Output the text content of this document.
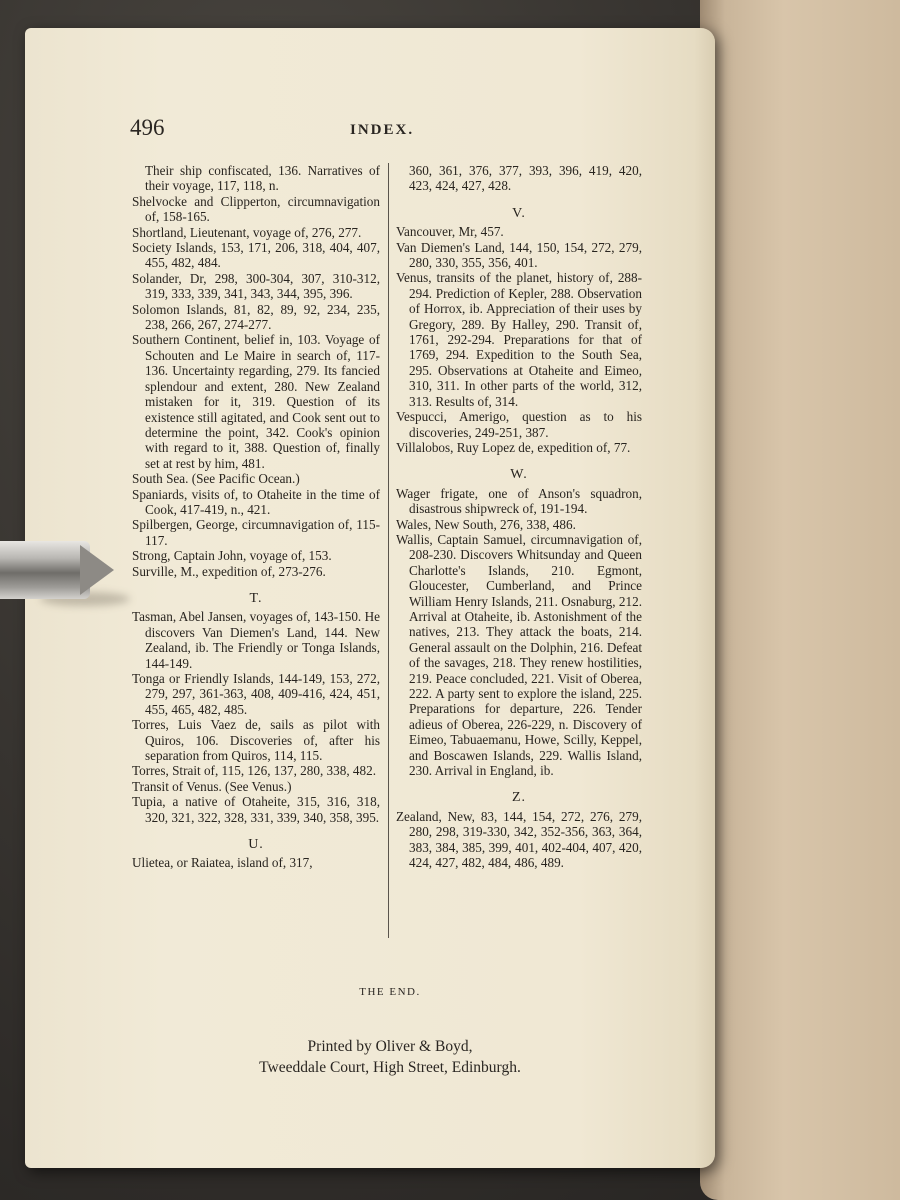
496	INDEX.
Their ship confiscated, 136. Narratives of their voyage, 117, 118, n.
Shelvocke and Clipperton, circumnavigation of, 158-165.
Shortland, Lieutenant, voyage of, 276, 277.
Society Islands, 153, 171, 206, 318, 404, 407, 455, 482, 484.
Solander, Dr, 298, 300-304, 307, 310-312, 319, 333, 339, 341, 343, 344, 395, 396.
Solomon Islands, 81, 82, 89, 92, 234, 235, 238, 266, 267, 274-277.
Southern Continent, belief in, 103. Voyage of Schouten and Le Maire in search of, 117-136. Uncertainty regarding, 279. Its fancied splendour and extent, 280. New Zealand mistaken for it, 319. Question of its existence still agitated, and Cook sent out to determine the point, 342. Cook's opinion with regard to it, 388. Question of, finally set at rest by him, 481.
South Sea. (See Pacific Ocean.)
Spaniards, visits of, to Otaheite in the time of Cook, 417-419, n., 421.
Spilbergen, George, circumnavigation of, 115-117.
Strong, Captain John, voyage of, 153.
Surville, M., expedition of, 273-276.
T.
Tasman, Abel Jansen, voyages of, 143-150. He discovers Van Diemen's Land, 144. New Zealand, ib. The Friendly or Tonga Islands, 144-149.
Tonga or Friendly Islands, 144-149, 153, 272, 279, 297, 361-363, 408, 409-416, 424, 451, 455, 465, 482, 485.
Torres, Luis Vaez de, sails as pilot with Quiros, 106. Discoveries of, after his separation from Quiros, 114, 115.
Torres, Strait of, 115, 126, 137, 280, 338, 482.
Transit of Venus. (See Venus.)
Tupia, a native of Otaheite, 315, 316, 318, 320, 321, 322, 328, 331, 339, 340, 358, 395.
U.
Ulietea, or Raiatea, island of, 317,
360, 361, 376, 377, 393, 396, 419, 420, 423, 424, 427, 428.
V.
Vancouver, Mr, 457.
Van Diemen's Land, 144, 150, 154, 272, 279, 280, 330, 355, 356, 401.
Venus, transits of the planet, history of, 288-294. Prediction of Kepler, 288. Observation of Horrox, ib. Appreciation of their uses by Gregory, 289. By Halley, 290. Transit of, 1761, 292-294. Preparations for that of 1769, 294. Expedition to the South Sea, 295. Observations at Otaheite and Eimeo, 310, 311. In other parts of the world, 312, 313. Results of, 314.
Vespucci, Amerigo, question as to his discoveries, 249-251, 387.
Villalobos, Ruy Lopez de, expedition of, 77.
W.
Wager frigate, one of Anson's squadron, disastrous shipwreck of, 191-194.
Wales, New South, 276, 338, 486.
Wallis, Captain Samuel, circumnavigation of, 208-230. Discovers Whitsunday and Queen Charlotte's Islands, 210. Egmont, Gloucester, Cumberland, and Prince William Henry Islands, 211. Osnaburg, 212. Arrival at Otaheite, ib. Astonishment of the natives, 213. They attack the boats, 214. General assault on the Dolphin, 216. Defeat of the savages, 218. They renew hostilities, 219. Peace concluded, 221. Visit of Oberea, 222. A party sent to explore the island, 225. Preparations for departure, 226. Tender adieus of Oberea, 226-229, n. Discovery of Eimeo, Tabuaemanu, Howe, Scilly, Keppel, and Boscawen Islands, 229. Wallis Island, 230. Arrival in England, ib.
Z.
Zealand, New, 83, 144, 154, 272, 276, 279, 280, 298, 319-330, 342, 352-356, 363, 364, 383, 384, 385, 399, 401, 402-404, 407, 420, 424, 427, 482, 484, 486, 489.
THE END.
Printed by Oliver & Boyd,
Tweeddale Court, High Street, Edinburgh.
